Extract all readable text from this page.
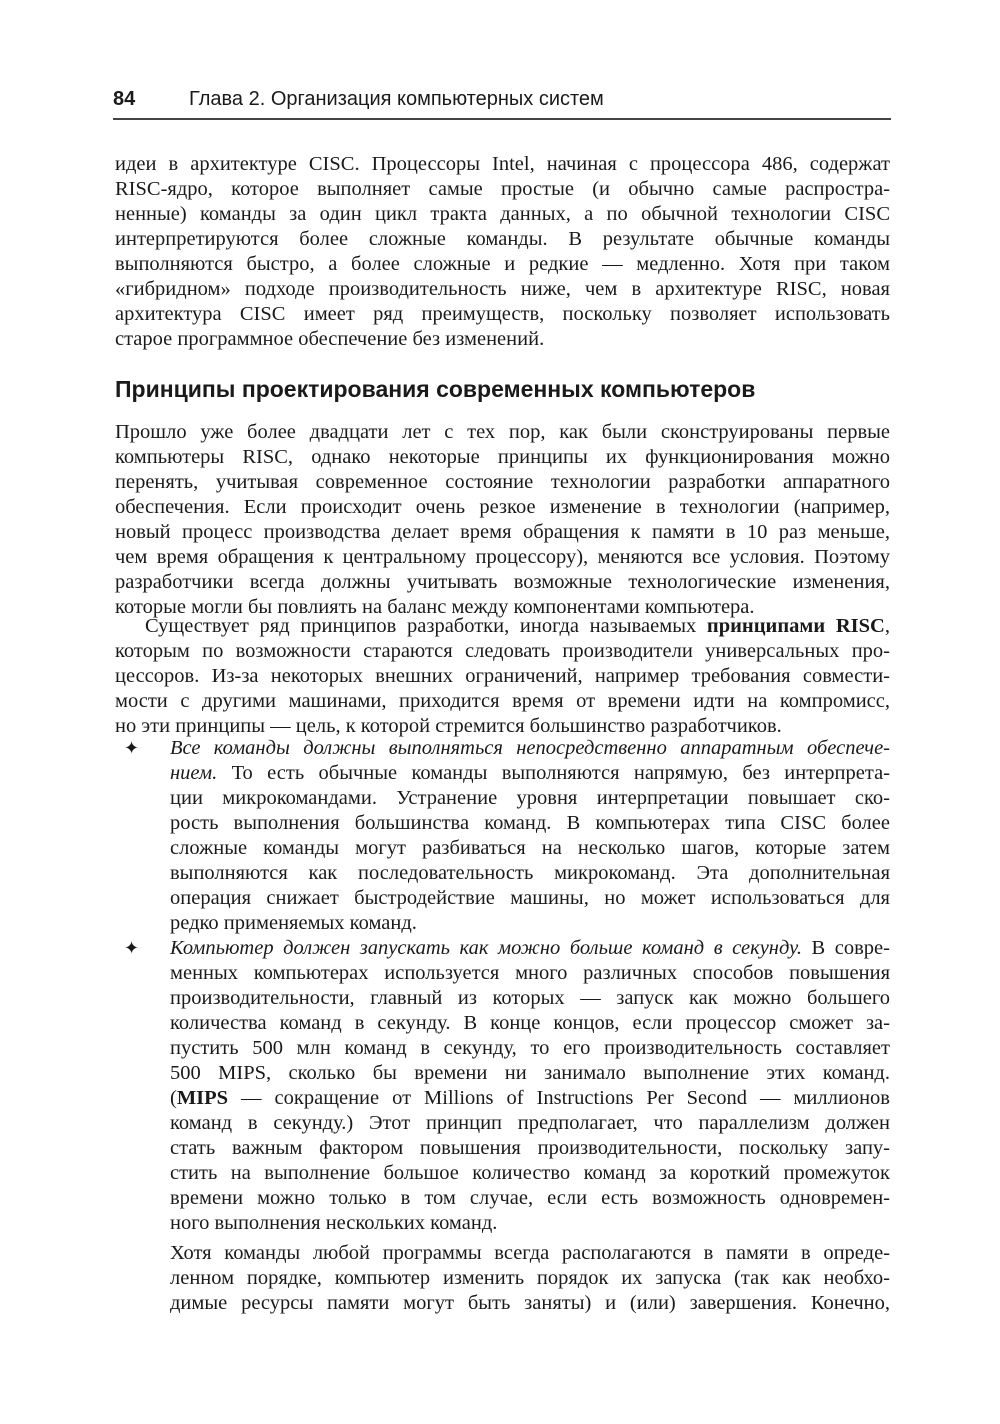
84	Глава 2. Организация компьютерных систем
идеи в архитектуре CISC. Процессоры Intel, начиная с процессора 486, содержат
RISC-ядро, которое выполняет самые простые (и обычно самые распростра-
ненные) команды за один цикл тракта данных, а по обычной технологии CISC
интерпретируются более сложные команды. В результате обычные команды
выполняются быстро, а более сложные и редкие — медленно. Хотя при таком
«гибридном» подходе производительность ниже, чем в архитектуре RISC, новая
архитектура CISC имеет ряд преимуществ, поскольку позволяет использовать
старое программное обеспечение без изменений.
Принципы проектирования современных компьютеров
Прошло уже более двадцати лет с тех пор, как были сконструированы первые
компьютеры RISC, однако некоторые принципы их функционирования можно
перенять, учитывая современное состояние технологии разработки аппаратного
обеспечения. Если происходит очень резкое изменение в технологии (например,
новый процесс производства делает время обращения к памяти в 10 раз меньше,
чем время обращения к центральному процессору), меняются все условия. Поэтому
разработчики всегда должны учитывать возможные технологические изменения,
которые могли бы повлиять на баланс между компонентами компьютера.
Существует ряд принципов разработки, иногда называемых принципами RISC,
которым по возможности стараются следовать производители универсальных про-
цессоров. Из-за некоторых внешних ограничений, например требования совмести-
мости с другими машинами, приходится время от времени идти на компромисс,
но эти принципы — цель, к которой стремится большинство разработчиков.
✦ Все команды должны выполняться непосредственно аппаратным обеспече-
нием. То есть обычные команды выполняются напрямую, без интерпрета-
ции микрокомандами. Устранение уровня интерпретации повышает ско-
рость выполнения большинства команд. В компьютерах типа CISC более
сложные команды могут разбиваться на несколько шагов, которые затем
выполняются как последовательность микрокоманд. Эта дополнительная
операция снижает быстродействие машины, но может использоваться для
редко применяемых команд.
✦ Компьютер должен запускать как можно больше команд в секунду. В совре-
менных компьютерах используется много различных способов повышения
производительности, главный из которых — запуск как можно большего
количества команд в секунду. В конце концов, если процессор сможет за-
пустить 500 млн команд в секунду, то его производительность составляет
500 MIPS, сколько бы времени ни занимало выполнение этих команд.
(MIPS — сокращение от Millions of Instructions Per Second — миллионов
команд в секунду.) Этот принцип предполагает, что параллелизм должен
стать важным фактором повышения производительности, поскольку запу-
стить на выполнение большое количество команд за короткий промежуток
времени можно только в том случае, если есть возможность одновремен-
ного выполнения нескольких команд.
Хотя команды любой программы всегда располагаются в памяти в опреде-
ленном порядке, компьютер изменить порядок их запуска (так как необхо-
димые ресурсы памяти могут быть заняты) и (или) завершения. Конечно,
